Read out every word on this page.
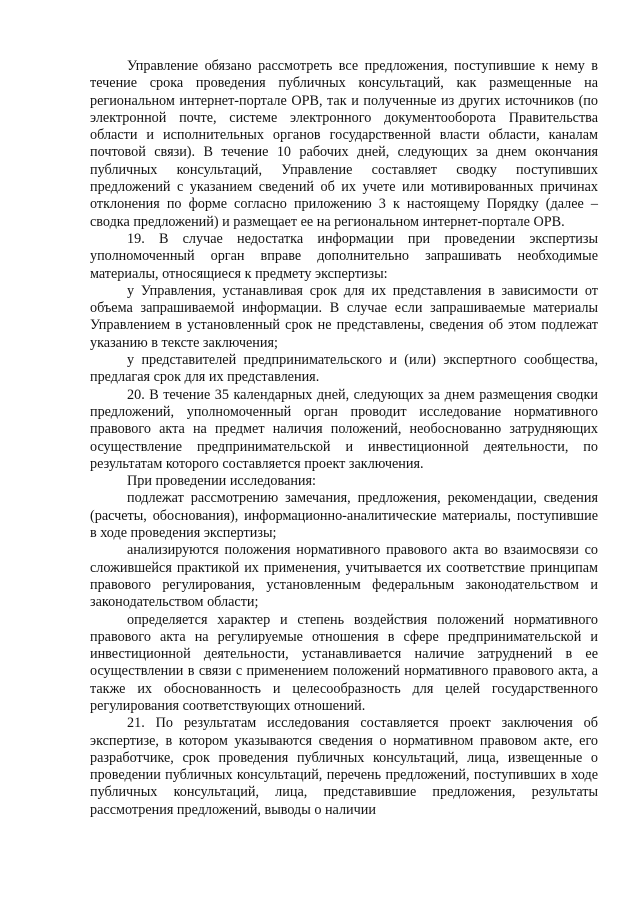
Управление обязано рассмотреть все предложения, поступившие к нему в течение срока проведения публичных консультаций, как размещенные на региональном интернет-портале ОРВ, так и полученные из других источников (по электронной почте, системе электронного документооборота Правительства области и исполнительных органов государственной власти области, каналам почтовой связи). В течение 10 рабочих дней, следующих за днем окончания публичных консультаций, Управление составляет сводку поступивших предложений с указанием сведений об их учете или мотивированных причинах отклонения по форме согласно приложению 3 к настоящему Порядку (далее – сводка предложений) и размещает ее на региональном интернет-портале ОРВ.

19. В случае недостатка информации при проведении экспертизы уполномоченный орган вправе дополнительно запрашивать необходимые материалы, относящиеся к предмету экспертизы:

у Управления, устанавливая срок для их представления в зависимости от объема запрашиваемой информации. В случае если запрашиваемые материалы Управлением в установленный срок не представлены, сведения об этом подлежат указанию в тексте заключения;

у представителей предпринимательского и (или) экспертного сообщества, предлагая срок для их представления.

20. В течение 35 календарных дней, следующих за днем размещения сводки предложений, уполномоченный орган проводит исследование нормативного правового акта на предмет наличия положений, необоснованно затрудняющих осуществление предпринимательской и инвестиционной деятельности, по результатам которого составляется проект заключения.

При проведении исследования:

подлежат рассмотрению замечания, предложения, рекомендации, сведения (расчеты, обоснования), информационно-аналитические материалы, поступившие в ходе проведения экспертизы;

анализируются положения нормативного правового акта во взаимосвязи со сложившейся практикой их применения, учитывается их соответствие принципам правового регулирования, установленным федеральным законодательством и законодательством области;

определяется характер и степень воздействия положений нормативного правового акта на регулируемые отношения в сфере предпринимательской и инвестиционной деятельности, устанавливается наличие затруднений в ее осуществлении в связи с применением положений нормативного правового акта, а также их обоснованность и целесообразность для целей государственного регулирования соответствующих отношений.

21. По результатам исследования составляется проект заключения об экспертизе, в котором указываются сведения о нормативном правовом акте, его разработчике, срок проведения публичных консультаций, лица, извещенные о проведении публичных консультаций, перечень предложений, поступивших в ходе публичных консультаций, лица, представившие предложения, результаты рассмотрения предложений, выводы о наличии
